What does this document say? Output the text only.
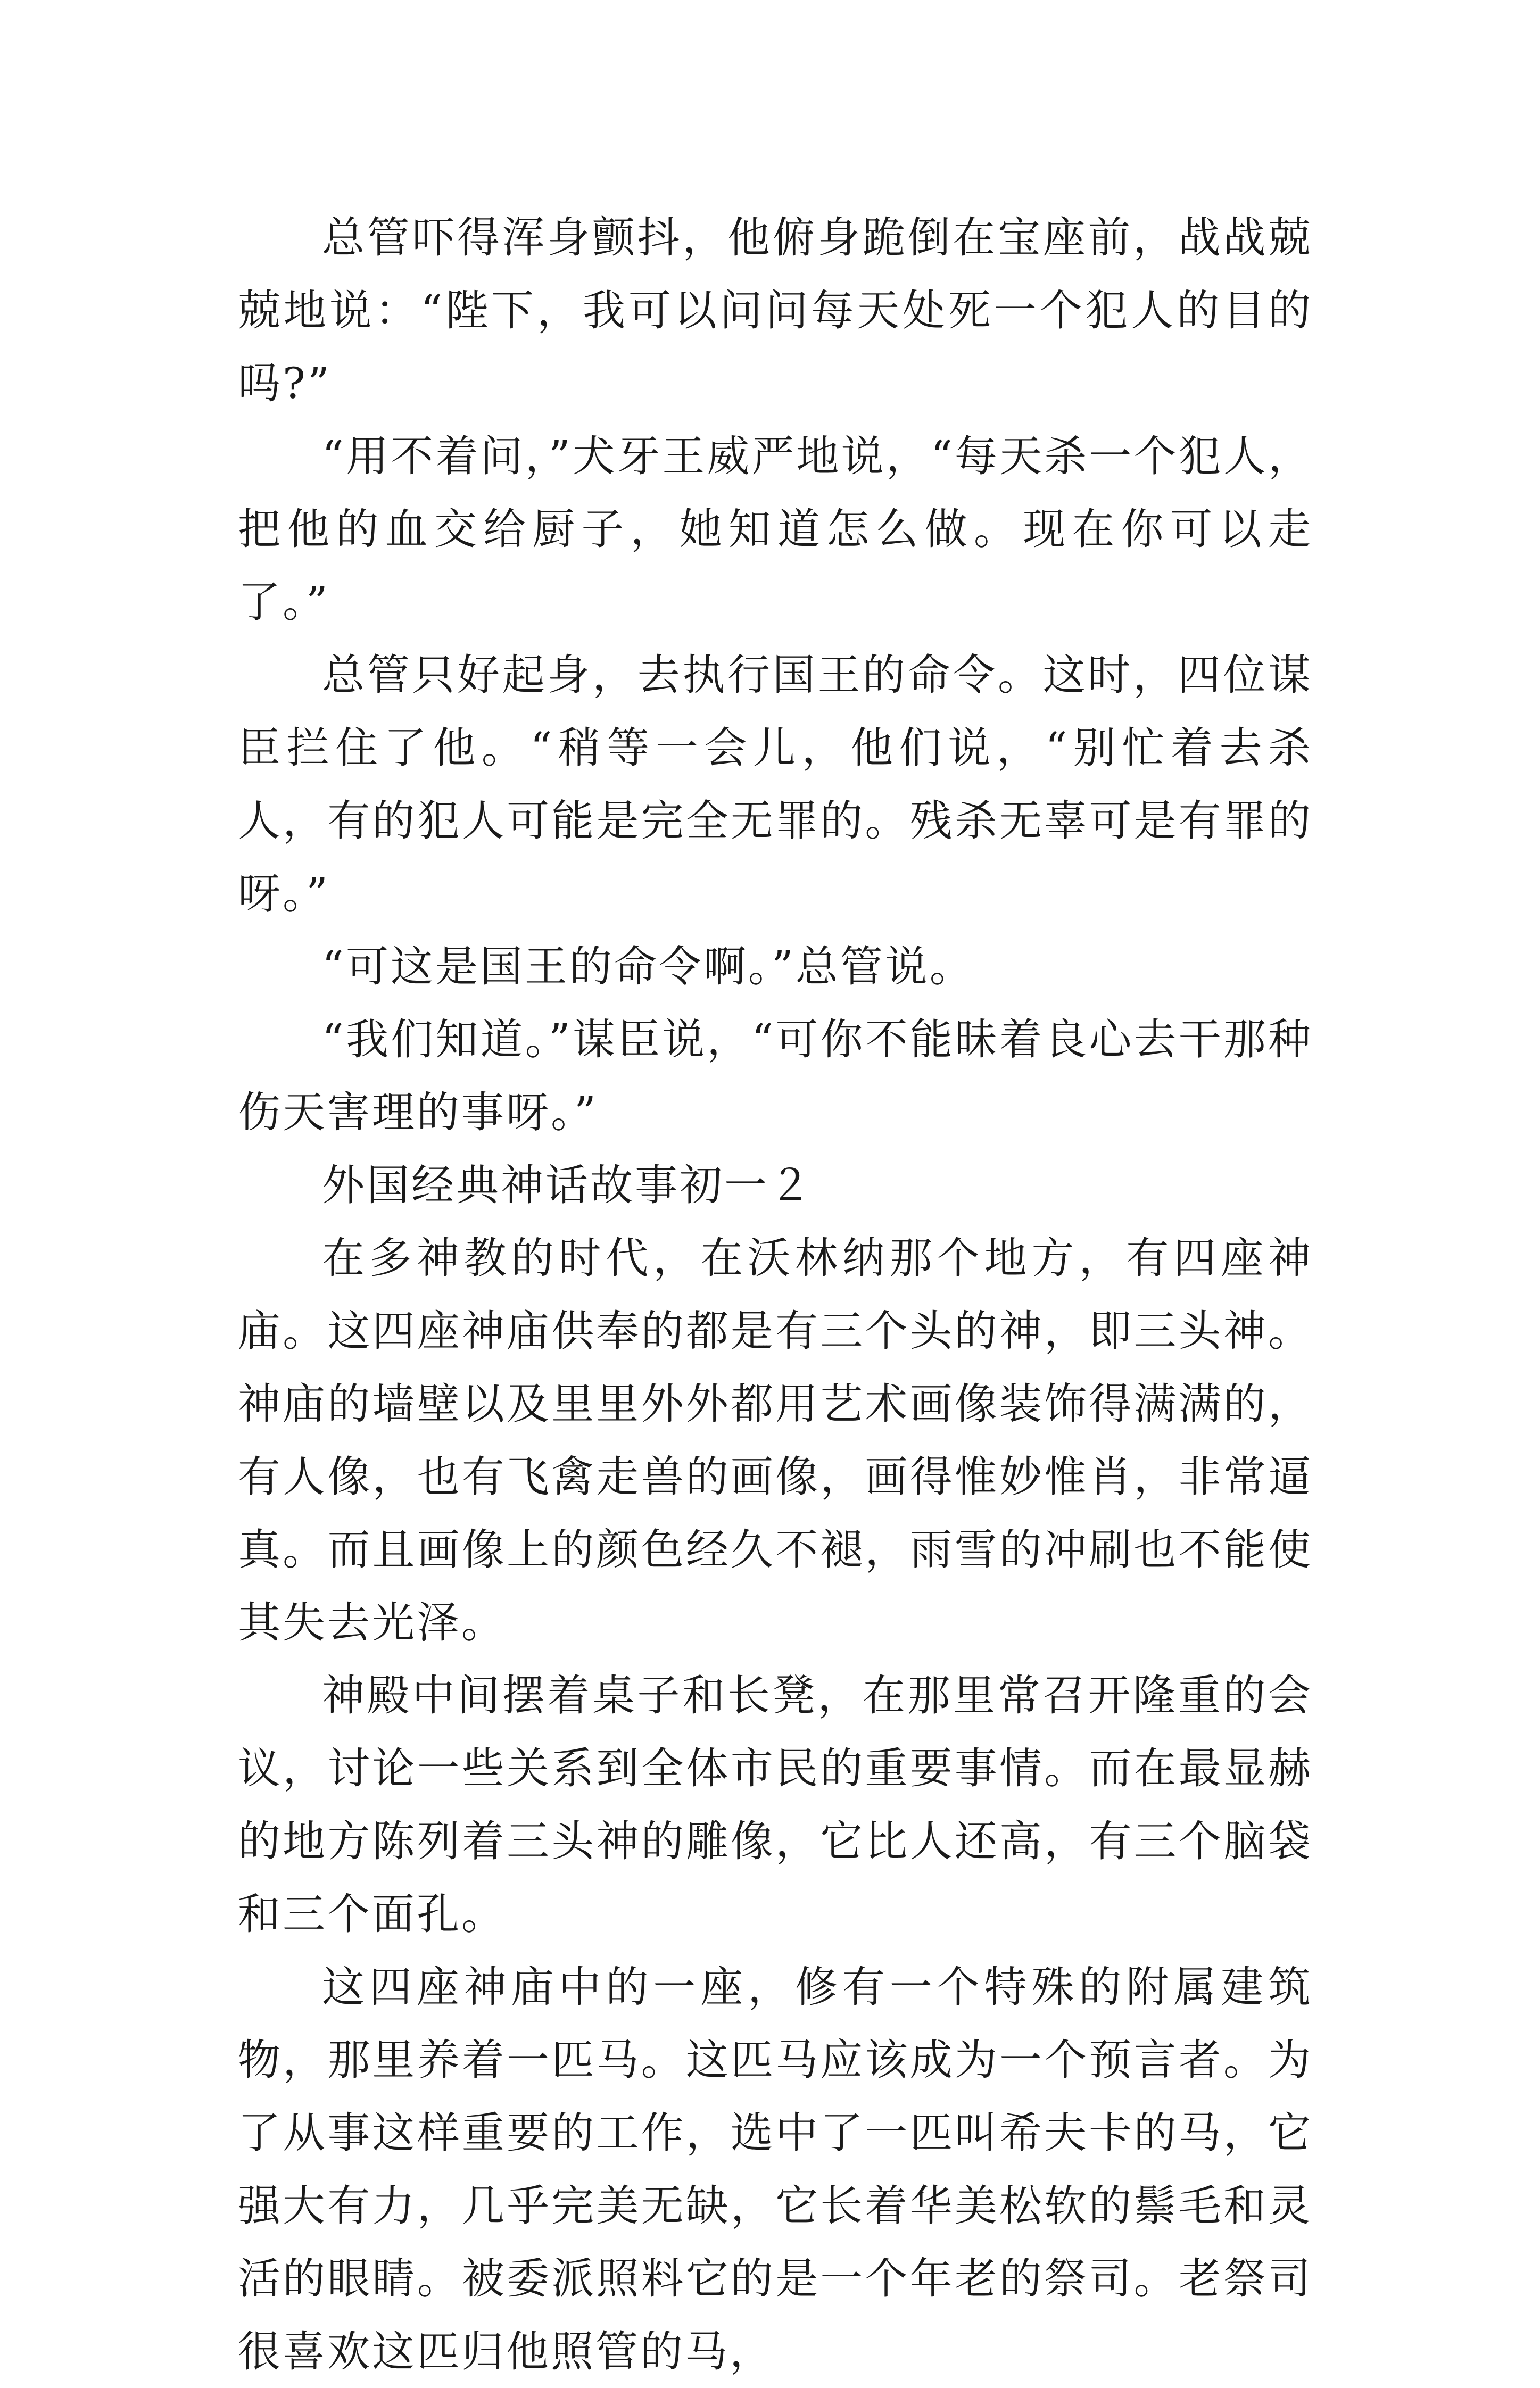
总管吓得浑身颤抖，他俯身跪倒在宝座前，战战兢兢地说：“陛下，我可以问问每天处死一个犯人的目的吗?”

“用不着问，”犬牙王威严地说，“每天杀一个犯人，把他的血交给厨子，她知道怎么做。现在你可以走了。”

总管只好起身，去执行国王的命令。这时，四位谋臣拦住了他。“稍等一会儿，他们说，“别忙着去杀 人，有的犯人可能是完全无罪的。残杀无辜可是有罪的呀。”

“可这是国王的命令啊。”总管说。

“我们知道。”谋臣说，“可你不能昧着良心去干那种伤天害理的事呀。”

外国经典神话故事初一２

在多神教的时代，在沃林纳那个地方，有四座神庙。这四座神庙供奉的都是有三个头的神，即三头神。神庙的墙壁以及里里外外都用艺术画像装饰得满满的，有人像，也有飞禽走兽的画像，画得惟妙惟肖，非常逼真。而且画像上的颜色经久不褪，雨雪的冲刷也不能使其失去光泽。

神殿中间摆着桌子和长凳，在那里常召开隆重的会议，讨论一些关系到全体市民的重要事情。而在最显赫的地方陈列着三头神的雕像，它比人还高，有三个脑袋和三个面孔。

这四座神庙中的一座，修有一个特殊的附属建筑物，那里养着一匹马。这匹马应该成为一个预言者。为了从事这样重要的工作，选中了一匹叫希夫卡的马，它强大有力，几乎完美无缺，它长着华美松软的鬃毛和灵活的眼睛。被委派照料它的是一个年老的祭司。老祭司很喜欢这匹归他照管的马，
